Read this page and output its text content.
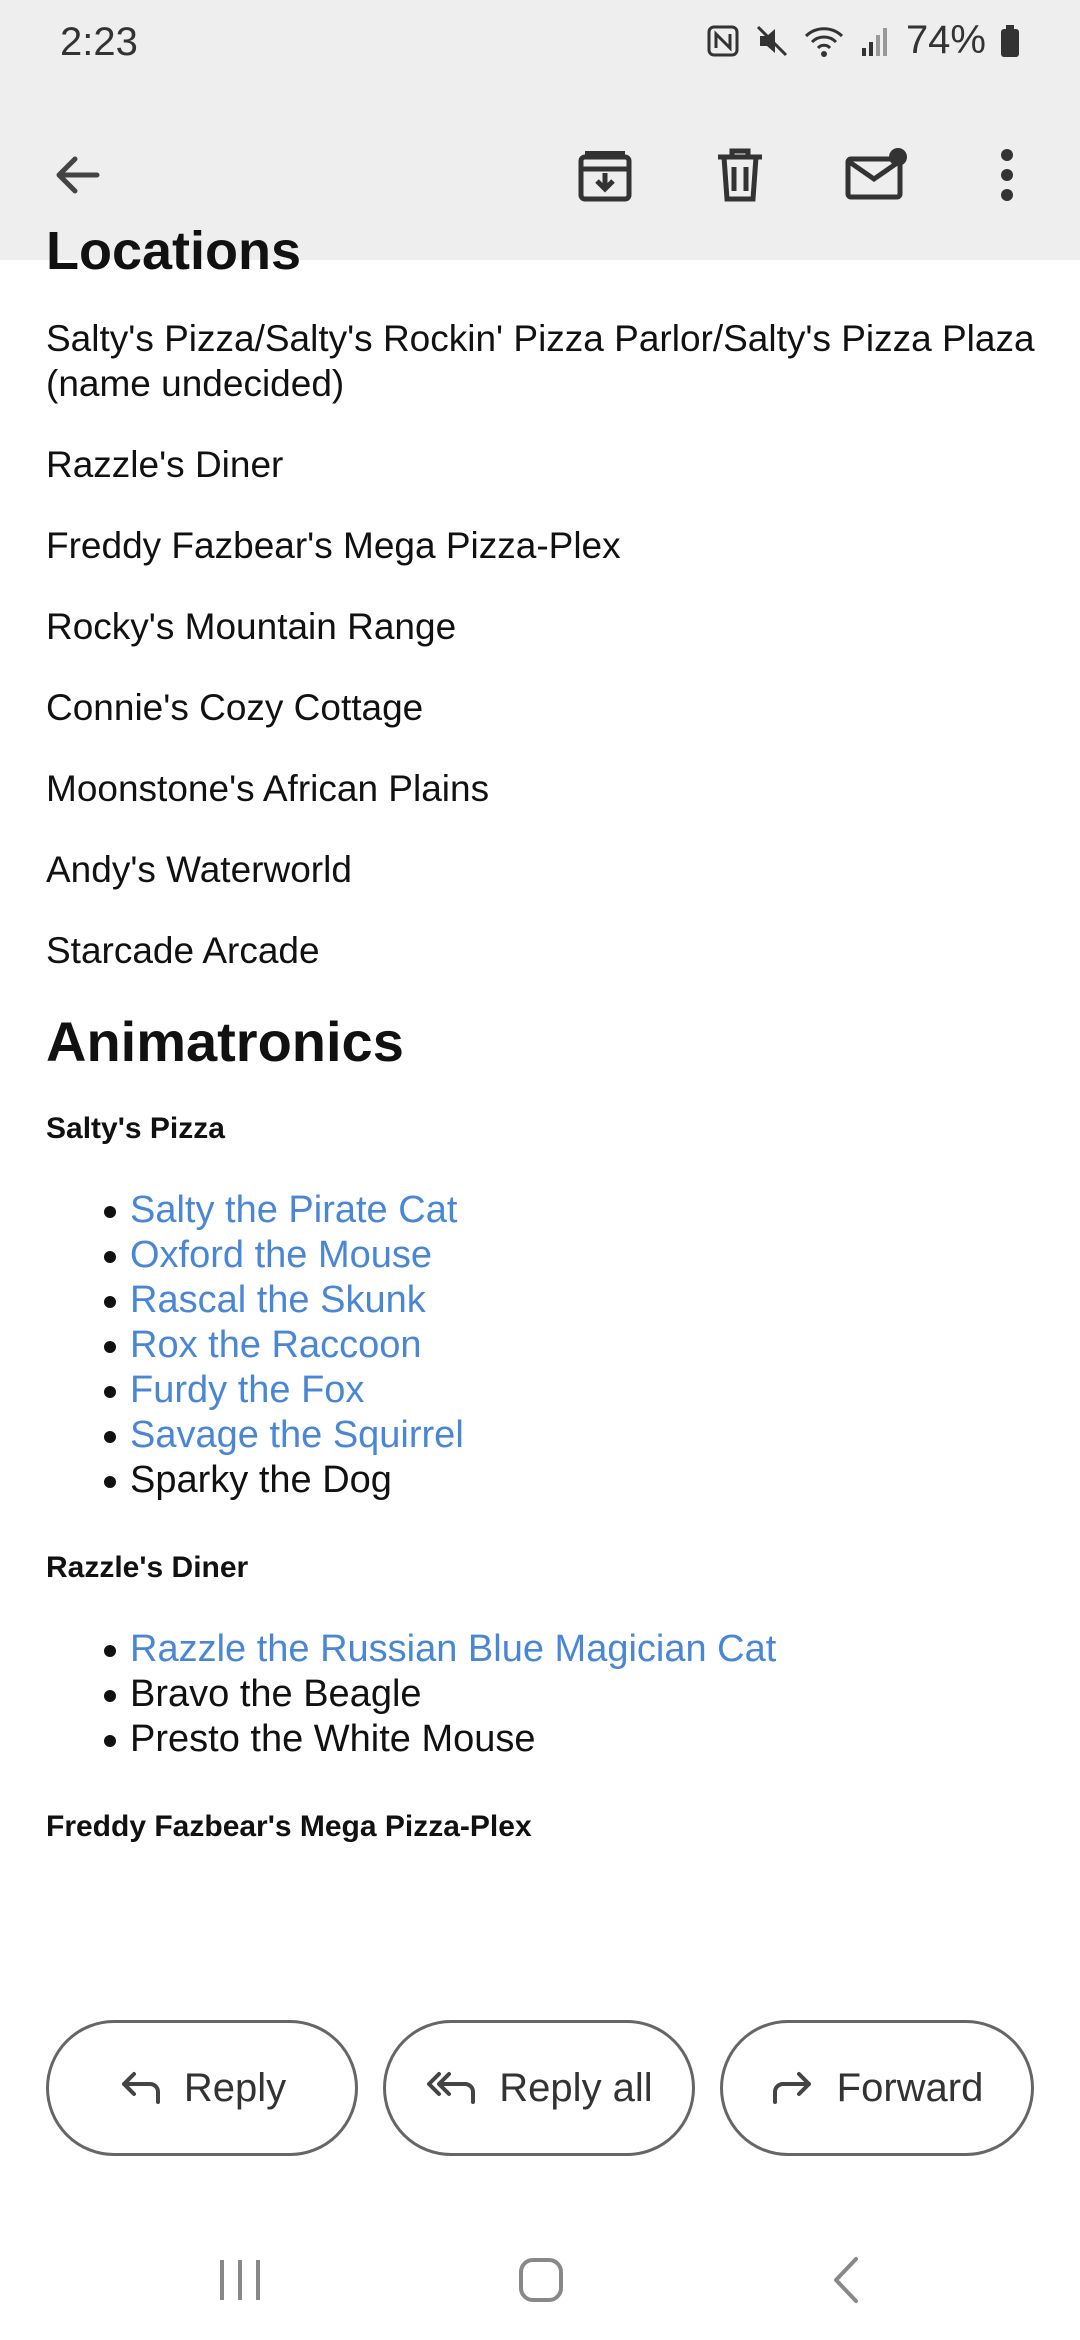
2:23	74%
Locations

Salty's Pizza/Salty's Rockin' Pizza Parlor/Salty's Pizza Plaza (name undecided)

Razzle's Diner

Freddy Fazbear's Mega Pizza-Plex

Rocky's Mountain Range

Connie's Cozy Cottage

Moonstone's African Plains

Andy's Waterworld

Starcade Arcade

Animatronics
Salty's Pizza
Salty the Pirate Cat
Oxford the Mouse
Rascal the Skunk
Rox the Raccoon
Furdy the Fox
Savage the Squirrel
Sparky the Dog
Razzle's Diner
Razzle the Russian Blue Magician Cat
Bravo the Beagle
Presto the White Mouse
Freddy Fazbear's Mega Pizza-Plex
Reply	Reply all	Forward
